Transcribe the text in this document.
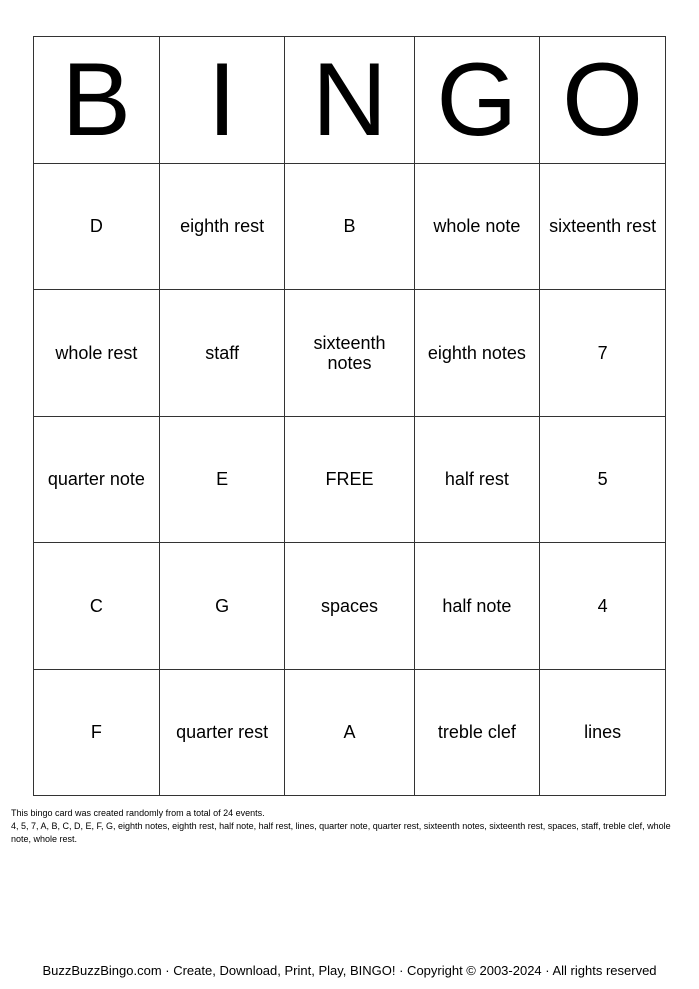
B I N G O
D	eighth rest	B	whole note	sixteenth rest
whole rest	staff	sixteenth notes	eighth notes	7
quarter note	E	FREE	half rest	5
C	G	spaces	half note	4
F	quarter rest	A	treble clef	lines
This bingo card was created randomly from a total of 24 events.
4, 5, 7, A, B, C, D, E, F, G, eighth notes, eighth rest, half note, half rest, lines, quarter note, quarter rest, sixteenth notes, sixteenth rest, spaces, staff, treble clef, whole note, whole rest.
BuzzBuzzBingo.com · Create, Download, Print, Play, BINGO! · Copyright © 2003-2024 · All rights reserved
